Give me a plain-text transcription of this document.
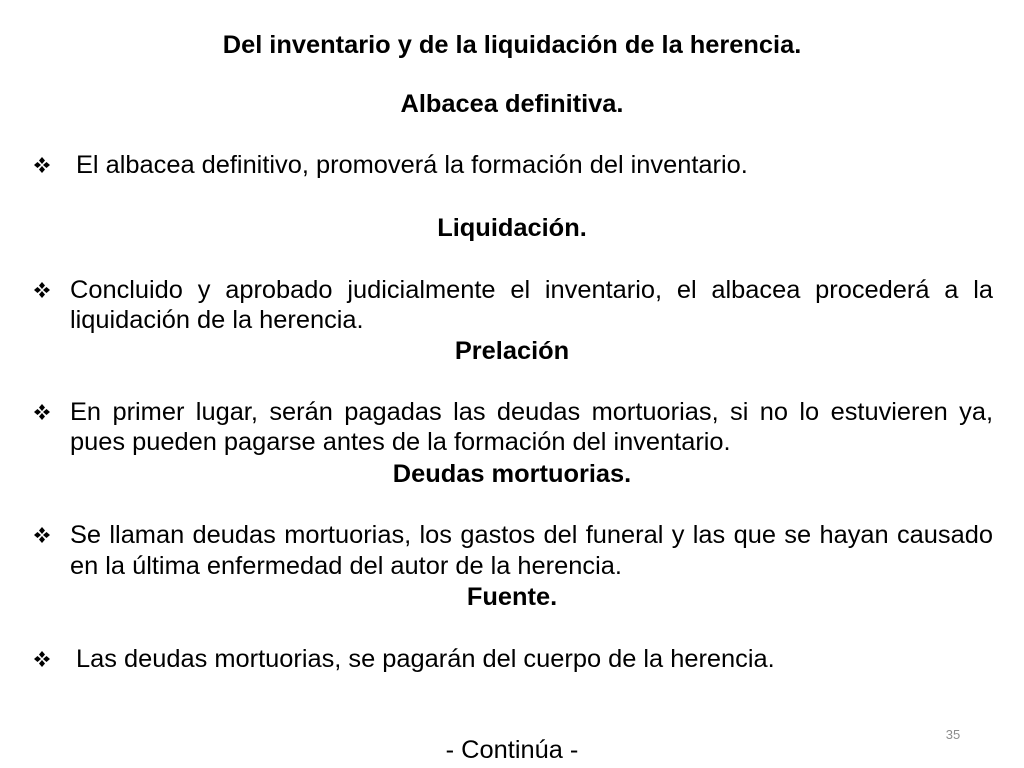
Del inventario y de la liquidación de la herencia.
Albacea definitiva.
El albacea definitivo, promoverá la formación del inventario.
Liquidación.
Concluido y aprobado judicialmente el inventario, el albacea procederá a la
liquidación de la herencia.
Prelación
En primer lugar, serán pagadas las deudas mortuorias, si no lo estuvieren ya,
pues pueden pagarse antes de la formación del inventario.
Deudas mortuorias.
Se llaman deudas mortuorias, los gastos del funeral y las que se hayan causado
en la última enfermedad del autor de la herencia.
Fuente.
Las deudas mortuorias, se pagarán del cuerpo de la herencia.
35
- Continúa -
